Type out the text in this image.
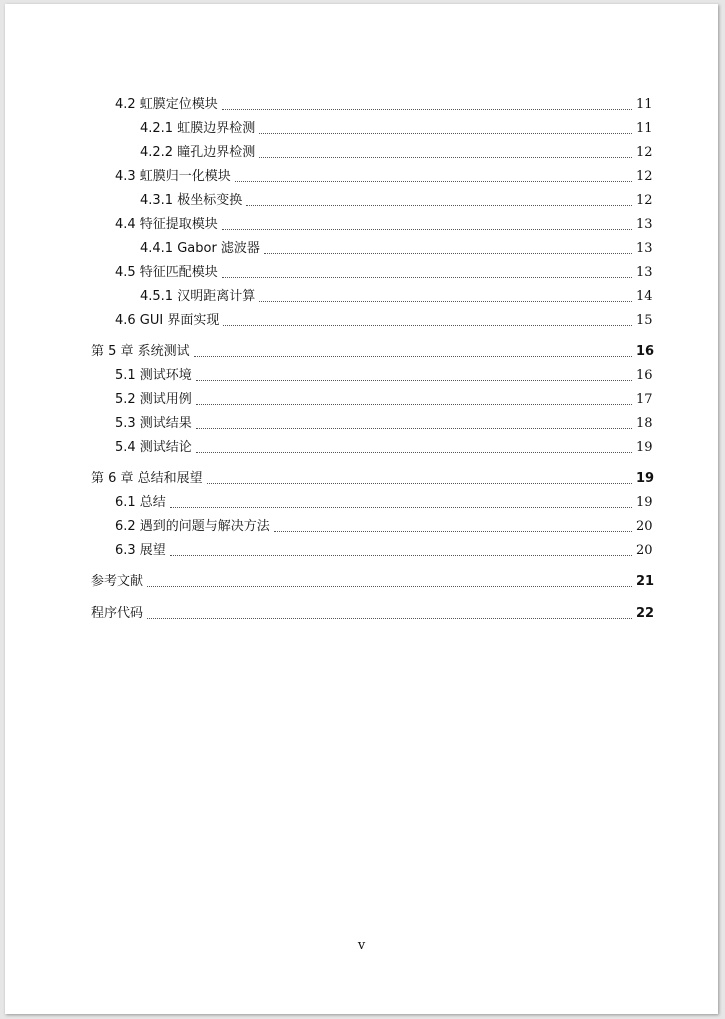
4.2 虹膜定位模块	11
4.2.1 虹膜边界检测	11
4.2.2 瞳孔边界检测	12
4.3 虹膜归一化模块	12
4.3.1 极坐标变换	12
4.4 特征提取模块	13
4.4.1 Gabor 滤波器	13
4.5 特征匹配模块	13
4.5.1 汉明距离计算	14
4.6 GUI 界面实现	15
第 5 章 系统测试	16
5.1 测试环境	16
5.2 测试用例	17
5.3 测试结果	18
5.4 测试结论	19
第 6 章 总结和展望	19
6.1 总结	19
6.2 遇到的问题与解决方法	20
6.3 展望	20
参考文献	21
程序代码	22
v
